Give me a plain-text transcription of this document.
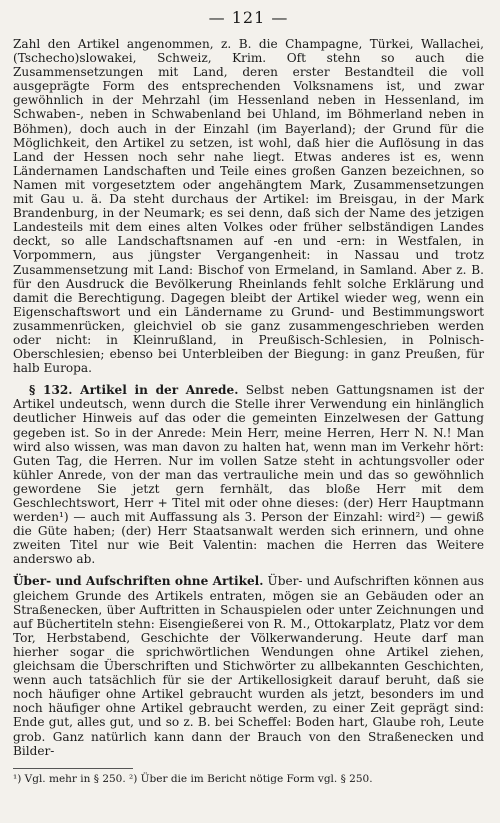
— 121 —

Zahl den Artikel angenommen, z. B. die Champagne, Türkei, Wallachei, (Tschecho)slowakei, Schweiz, Krim. Oft stehn so auch die Zusammensetzungen mit Land, deren erster Bestandteil die voll ausgeprägte Form des entsprechenden Volksnamens ist, und zwar gewöhnlich in der Mehrzahl (im Hessenland neben in Hessenland, im Schwaben-, neben in Schwabenland bei Uhland, im Böhmerland neben in Böhmen), doch auch in der Einzahl (im Bayerland); der Grund für die Möglichkeit, den Artikel zu setzen, ist wohl, daß hier die Auflösung in das Land der Hessen noch sehr nahe liegt. Etwas anderes ist es, wenn Ländernamen Landschaften und Teile eines großen Ganzen bezeichnen, so Namen mit vorgesetztem oder angehängtem Mark, Zusammensetzungen mit Gau u. ä. Da steht durchaus der Artikel: im Breisgau, in der Mark Brandenburg, in der Neumark; es sei denn, daß sich der Name des jetzigen Landesteils mit dem eines alten Volkes oder früher selbständigen Landes deckt, so alle Landschaftsnamen auf -en und -ern: in Westfalen, in Vorpommern, aus jüngster Vergangenheit: in Nassau und trotz Zusammensetzung mit Land: Bischof von Ermeland, in Samland. Aber z. B. für den Ausdruck die Bevölkerung Rheinlands fehlt solche Erklärung und damit die Berechtigung. Dagegen bleibt der Artikel wieder weg, wenn ein Eigenschaftswort und ein Ländername zu Grund- und Bestimmungswort zusammenrücken, gleichviel ob sie ganz zusammengeschrieben werden oder nicht: in Kleinrußland, in Preußisch-Schlesien, in Polnisch-Oberschlesien; ebenso bei Unterbleiben der Biegung: in ganz Preußen, für halb Europa.

§ 132. Artikel in der Anrede. Selbst neben Gattungsnamen ist der Artikel undeutsch, wenn durch die Stelle ihrer Verwendung ein hinlänglich deutlicher Hinweis auf das oder die gemeinten Einzelwesen der Gattung gegeben ist. So in der Anrede: Mein Herr, meine Herren, Herr N. N.! Man wird also wissen, was man davon zu halten hat, wenn man im Verkehr hört: Guten Tag, die Herren. Nur im vollen Satze steht in achtungsvoller oder kühler Anrede, von der man das vertrauliche mein und das so gewöhnlich gewordene Sie jetzt gern fernhält, das bloße Herr mit dem Geschlechtswort, Herr + Titel mit oder ohne dieses: (der) Herr Hauptmann werden¹) — auch mit Auffassung als 3. Person der Einzahl: wird²) — gewiß die Güte haben; (der) Herr Staatsanwalt werden sich erinnern, und ohne zweiten Titel nur wie Beit Valentin: machen die Herren das Weitere anderswo ab.

Über- und Aufschriften ohne Artikel. Über- und Aufschriften können aus gleichem Grunde des Artikels entraten, mögen sie an Gebäuden oder an Straßenecken, über Auftritten in Schauspielen oder unter Zeichnungen und auf Büchertiteln stehn: Eisengießerei von R. M., Ottokarplatz, Platz vor dem Tor, Herbstabend, Geschichte der Völkerwanderung. Heute darf man hierher sogar die sprichwörtlichen Wendungen ohne Artikel ziehen, gleichsam die Überschriften und Stichwörter zu allbekannten Geschichten, wenn auch tatsächlich für sie der Artikellosigkeit darauf beruht, daß sie noch häufiger ohne Artikel gebraucht wurden als jetzt, besonders im und noch häufiger ohne Artikel gebraucht werden, zu einer Zeit geprägt sind: Ende gut, alles gut, und so z. B. bei Scheffel: Boden hart, Glaube roh, Leute grob. Ganz natürlich kann dann der Brauch von den Straßenecken und Bilder-

¹) Vgl. mehr in § 250. ²) Über die im Bericht nötige Form vgl. § 250.
